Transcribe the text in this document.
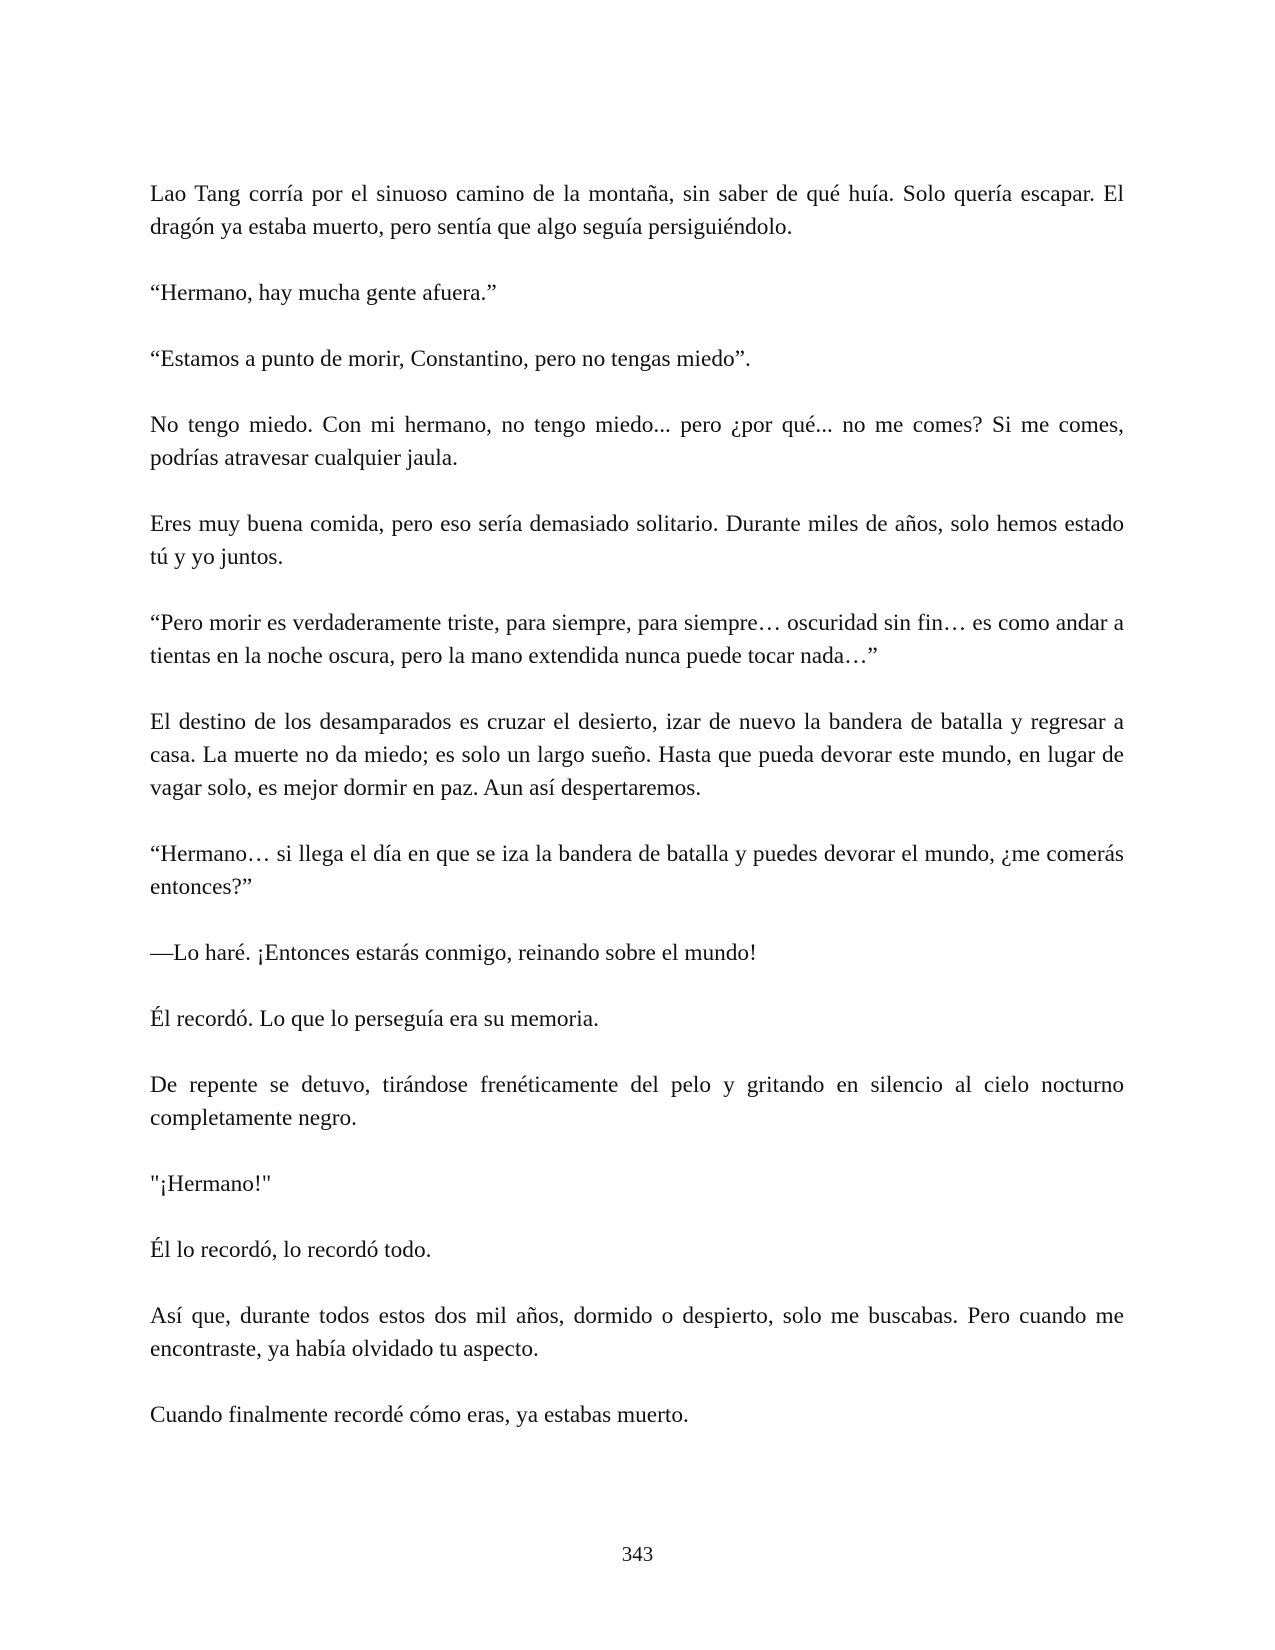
Lao Tang corría por el sinuoso camino de la montaña, sin saber de qué huía. Solo quería escapar. El dragón ya estaba muerto, pero sentía que algo seguía persiguiéndolo.

“Hermano, hay mucha gente afuera.”

“Estamos a punto de morir, Constantino, pero no tengas miedo”.

No tengo miedo. Con mi hermano, no tengo miedo... pero ¿por qué... no me comes? Si me comes, podrías atravesar cualquier jaula.

Eres muy buena comida, pero eso sería demasiado solitario. Durante miles de años, solo hemos estado tú y yo juntos.

“Pero morir es verdaderamente triste, para siempre, para siempre… oscuridad sin fin… es como andar a tientas en la noche oscura, pero la mano extendida nunca puede tocar nada…”

El destino de los desamparados es cruzar el desierto, izar de nuevo la bandera de batalla y regresar a casa. La muerte no da miedo; es solo un largo sueño. Hasta que pueda devorar este mundo, en lugar de vagar solo, es mejor dormir en paz. Aun así despertaremos.

“Hermano… si llega el día en que se iza la bandera de batalla y puedes devorar el mundo, ¿me comerás entonces?”

—Lo haré. ¡Entonces estarás conmigo, reinando sobre el mundo!

Él recordó. Lo que lo perseguía era su memoria.

De repente se detuvo, tirándose frenéticamente del pelo y gritando en silencio al cielo nocturno completamente negro.

"¡Hermano!"

Él lo recordó, lo recordó todo.

Así que, durante todos estos dos mil años, dormido o despierto, solo me buscabas. Pero cuando me encontraste, ya había olvidado tu aspecto.

Cuando finalmente recordé cómo eras, ya estabas muerto.

343
